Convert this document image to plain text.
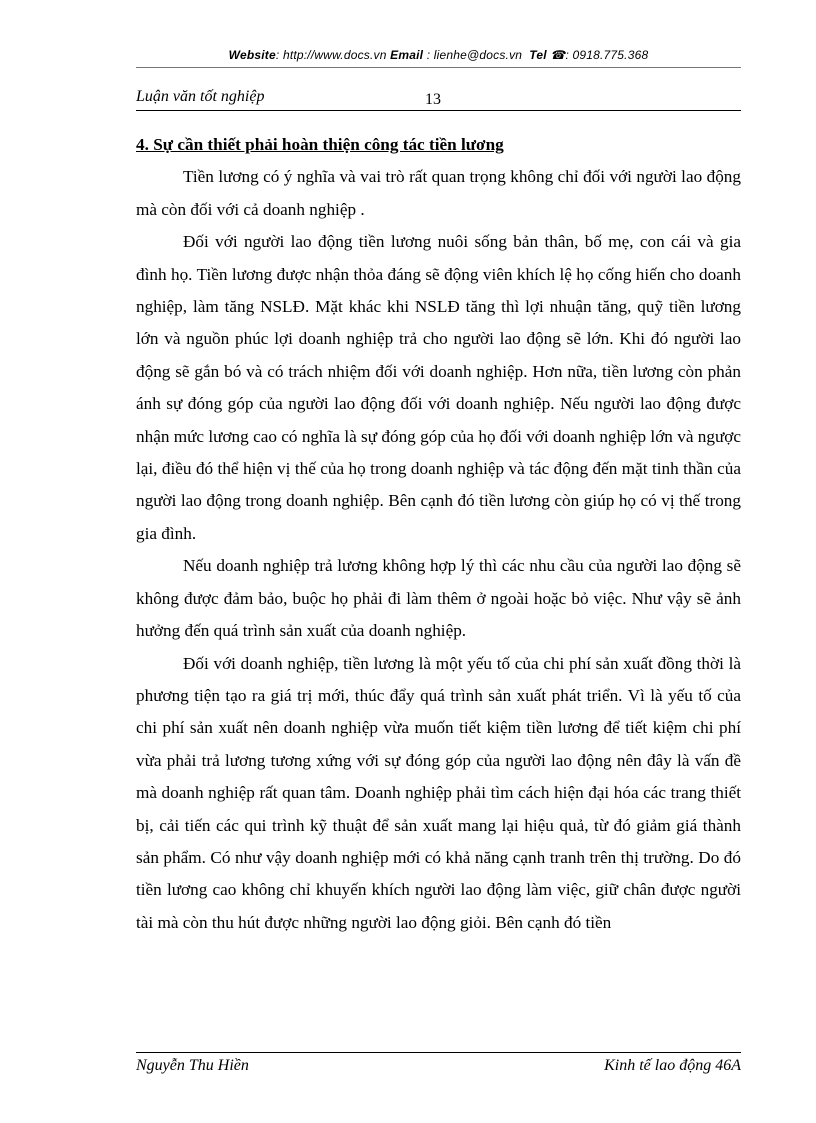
Website: http://www.docs.vn Email : lienhe@docs.vn Tel ☎: 0918.775.368
Luận văn tốt nghiệp	13

4. Sự cần thiết phải hoàn thiện công tác tiền lương

Tiền lương có ý nghĩa và vai trò rất quan trọng không chỉ đối với người lao động mà còn đối với cả doanh nghiệp .

Đối với người lao động tiền lương nuôi sống bản thân, bố mẹ, con cái và gia đình họ. Tiền lương được nhận thỏa đáng sẽ động viên khích lệ họ cống hiến cho doanh nghiệp, làm tăng NSLĐ. Mặt khác khi NSLĐ tăng thì lợi nhuận tăng, quỹ tiền lương lớn và nguồn phúc lợi doanh nghiệp trả cho người lao động sẽ lớn. Khi đó người lao động sẽ gắn bó và có trách nhiệm đối với doanh nghiệp. Hơn nữa, tiền lương còn phản ánh sự đóng góp của người lao động đối với doanh nghiệp. Nếu người lao động được nhận mức lương cao có nghĩa là sự đóng góp của họ đối với doanh nghiệp lớn và ngược lại, điều đó thể hiện vị thế của họ trong doanh nghiệp và tác động đến mặt tinh thần của người lao động trong doanh nghiệp. Bên cạnh đó tiền lương còn giúp họ có vị thế trong gia đình.

Nếu doanh nghiệp trả lương không hợp lý thì các nhu cầu của người lao động sẽ không được đảm bảo, buộc họ phải đi làm thêm ở ngoài hoặc bỏ việc. Như vậy sẽ ảnh hưởng đến quá trình sản xuất của doanh nghiệp.

Đối với doanh nghiệp, tiền lương là một yếu tố của chi phí sản xuất đồng thời là phương tiện tạo ra giá trị mới, thúc đẩy quá trình sản xuất phát triển. Vì là yếu tố của chi phí sản xuất nên doanh nghiệp vừa muốn tiết kiệm tiền lương để tiết kiệm chi phí vừa phải trả lương tương xứng với sự đóng góp của người lao động nên đây là vấn đề mà doanh nghiệp rất quan tâm. Doanh nghiệp phải tìm cách hiện đại hóa các trang thiết bị, cải tiến các qui trình kỹ thuật để sản xuất mang lại hiệu quả, từ đó giảm giá thành sản phẩm. Có như vậy doanh nghiệp mới có khả năng cạnh tranh trên thị trường. Do đó tiền lương cao không chỉ khuyến khích người lao động làm việc, giữ chân được người tài mà còn thu hút được những người lao động giỏi. Bên cạnh đó tiền

Nguyễn Thu Hiền	Kinh tế lao động 46A
